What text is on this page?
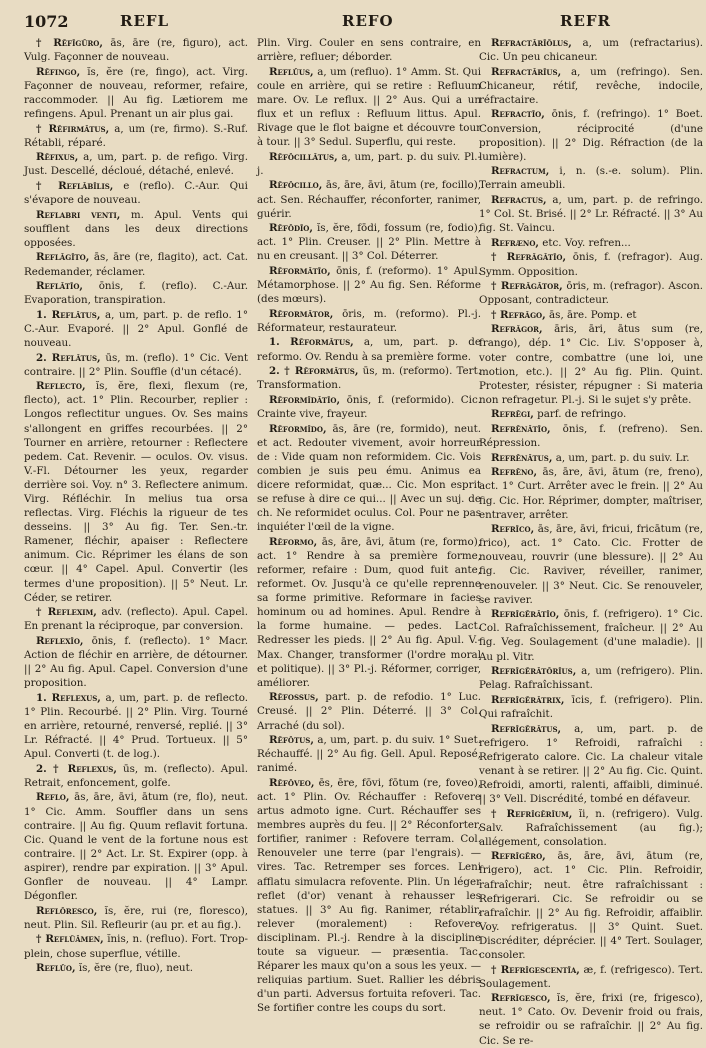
1072	REFL	REFO	REFR

† Rĕfĭgūro, ās, āre (re, figuro), act. Vulg. Façonner de nouveau.

Rĕfingo, ĭs, ĕre (re, fingo), act. Virg. Façonner de nouveau, reformer, refaire, raccommoder. || Au fig. Lætiorem me refingens. Apul. Prenant un air plus gai.

† Rĕfirmātus, a, um (re, firmo). S.-Ruf. Rétabli, réparé.

Rĕfixus, a, um, part. p. de refigo. Virg. Just. Descellé, décloué, détaché, enlevé.

† Reflābĭlis, e (reflo). C.-Aur. Qui s'évapore de nouveau.

Reflabri venti, m. Apul. Vents qui soufflent dans les deux directions opposées.

Reflāgĭto, ās, āre (re, flagito), act. Cat. Redemander, réclamer.

Reflātĭo, ōnis, f. (reflo). C.-Aur. Evaporation, transpiration.

1. Reflātus, a, um, part. p. de reflo. 1° C.-Aur. Evaporé. || 2° Apul. Gonflé de nouveau.

2. Reflātus, ūs, m. (reflo). 1° Cic. Vent contraire. || 2° Plin. Souffle (d'un cétacé).

Reflecto, ĭs, ĕre, flexi, flexum (re, flecto), act. 1° Plin. Recourber, replier : Longos reflectitur ungues. Ov. Ses mains s'allongent en griffes recourbées. || 2° Tourner en arrière, retourner : Reflectere pedem. Cat. Revenir. — oculos. Ov. visus. V.-Fl. Détourner les yeux, regarder derrière soi. Voy. n° 3. Reflectere animum. Virg. Réfléchir. In melius tua orsa reflectas. Virg. Fléchis la rigueur de tes desseins. || 3° Au fig. Ter. Sen.-tr. Ramener, fléchir, apaiser : Reflectere animum. Cic. Réprimer les élans de son cœur. || 4° Capel. Apul. Convertir (les termes d'une proposition). || 5° Neut. Lr. Céder, se retirer.

† Reflexim, adv. (reflecto). Apul. Capel. En prenant la réciproque, par conversion.

Reflexĭo, ōnis, f. (reflecto). 1° Macr. Action de fléchir en arrière, de détourner. || 2° Au fig. Apul. Capel. Conversion d'une proposition.

1. Reflexus, a, um, part. p. de reflecto. 1° Plin. Recourbé. || 2° Plin. Virg. Tourné en arrière, retourné, renversé, replié. || 3° Lr. Réfracté. || 4° Prud. Tortueux. || 5° Apul. Converti (t. de log.).

2. † Reflexus, ūs, m. (reflecto). Apul. Retrait, enfoncement, golfe.

Reflo, ās, āre, āvi, ātum (re, flo), neut. 1° Cic. Amm. Souffler dans un sens contraire. || Au fig. Quum reflavit fortuna. Cic. Quand le vent de la fortune nous est contraire. || 2° Act. Lr. St. Expirer (opp. à aspirer), rendre par expiration. || 3° Apul. Gonfler de nouveau. || 4° Lampr. Dégonfler.

Reflōresco, ĭs, ĕre, rui (re, floresco), neut. Plin. Sil. Refleurir (au pr. et au fig.).

† Reflŭāmen, ĭnis, n. (refluo). Fort. Trop-plein, chose superflue, vétille.

Reflŭo, ĭs, ĕre (re, fluo), neut.

Plin. Virg. Couler en sens contraire, en arrière, refluer; déborder.

Reflŭus, a, um (refluo). 1° Amm. St. Qui coule en arrière, qui se retire : Refluum mare. Ov. Le reflux. || 2° Aus. Qui a un flux et un reflux : Refluum littus. Apul. Rivage que le flot baigne et découvre tour à tour. || 3° Sedul. Superflu, qui reste.

Rĕfōcillātus, a, um, part. p. du suiv. Pl.-j.

Rĕfōcillo, ās, āre, āvi, ātum (re, focillo), act. Sen. Réchauffer, réconforter, ranimer, guérir.

Rĕfŏdĭo, ĭs, ĕre, fōdi, fossum (re, fodio), act. 1° Plin. Creuser. || 2° Plin. Mettre à nu en creusant. || 3° Col. Déterrer.

Rĕformātĭo, ōnis, f. (reformo). 1° Apul. Métamorphose. || 2° Au fig. Sen. Réforme (des mœurs).

Rĕformātor, ōris, m. (reformo). Pl.-j. Réformateur, restaurateur.

1. Rĕformātus, a, um, part. p. de reformo. Ov. Rendu à sa première forme.

2. † Rĕformātus, ūs, m. (reformo). Tert. Transformation.

Rĕformīdātĭo, ōnis, f. (reformido). Cic. Crainte vive, frayeur.

Rĕformīdo, ās, āre (re, formido), neut. et act. Redouter vivement, avoir horreur de : Vide quam non reformidem. Cic. Vois combien je suis peu ému. Animus ea dicere reformidat, quæ... Cic. Mon esprit se refuse à dire ce qui... || Avec un suj. de ch. Ne reformidet oculus. Col. Pour ne pas inquiéter l'œil de la vigne.

Rĕformo, ās, āre, āvi, ātum (re, formo), act. 1° Rendre à sa première forme, reformer, refaire : Dum, quod fuit ante, reformet. Ov. Jusqu'à ce qu'elle reprenne sa forme primitive. Reformare in facies hominum ou ad homines. Apul. Rendre à la forme humaine. — pedes. Lact. Redresser les pieds. || 2° Au fig. Apul. V.-Max. Changer, transformer (l'ordre moral et politique). || 3° Pl.-j. Réformer, corriger, améliorer.

Rĕfossus, part. p. de refodio. 1° Luc. Creusé. || 2° Plin. Déterré. || 3° Col. Arraché (du sol).

Rĕfōtus, a, um, part. p. du suiv. 1° Suet. Réchauffé. || 2° Au fig. Gell. Apul. Reposé, ranimé.

Rĕfŏveo, ēs, ēre, fōvi, fōtum (re, foveo), act. 1° Plin. Ov. Réchauffer : Refovere artus admoto igne. Curt. Réchauffer ses membres auprès du feu. || 2° Réconforter, fortifier, ranimer : Refovere terram. Col. Renouveler une terre (par l'engrais). — vires. Tac. Retremper ses forces. Leni afflatu simulacra refovente. Plin. Un léger reflet (d'or) venant à rehausser les statues. || 3° Au fig. Ranimer, rétablir, relever (moralement) : Refovere disciplinam. Pl.-j. Rendre à la discipline toute sa vigueur. — præsentia. Tac. Réparer les maux qu'on a sous les yeux. — reliquias partium. Suet. Rallier les débris d'un parti. Adversus fortuita refoveri. Tac. Se fortifier contre les coups du sort.

Refractārĭŏlus, a, um (refractarius). Cic. Un peu chicaneur.

Refractārĭus, a, um (refringo). Sen. Chicaneur, rétif, revêche, indocile, réfractaire.

Refractĭo, ōnis, f. (refringo). 1° Boet. Conversion, réciprocité (d'une proposition). || 2° Dig. Réfraction (de la lumière).

Refractum, i, n. (s.-e. solum). Plin. Terrain ameubli.

Refractus, a, um, part. p. de refringo. 1° Col. St. Brisé. || 2° Lr. Réfracté. || 3° Au fig. St. Vaincu.

Refræno, etc. Voy. refren...

† Refrăgātĭo, ōnis, f. (refragor). Aug. Symm. Opposition.

† Refrăgātor, ōris, m. (refragor). Ascon. Opposant, contradicteur.

† Refrāgo, ās, āre. Pomp. et

Refrăgor, āris, āri, ātus sum (re, frango), dép. 1° Cic. Liv. S'opposer à, voter contre, combattre (une loi, une motion, etc.). || 2° Au fig. Plin. Quint. Protester, résister, répugner : Si materia non refragetur. Pl.-j. Si le sujet s'y prête.

Refrēgi, parf. de refringo.

Refrēnātĭo, ōnis, f. (refreno). Sen. Répression.

Refrēnātus, a, um, part. p. du suiv. Lr.

Refrēno, ās, āre, āvi, ātum (re, freno), act. 1° Curt. Arrêter avec le frein. || 2° Au fig. Cic. Hor. Réprimer, dompter, maîtriser, entraver, arrêter.

Refrĭco, ās, āre, āvi, fricui, fricātum (re, frico), act. 1° Cato. Cic. Frotter de nouveau, rouvrir (une blessure). || 2° Au fig. Cic. Raviver, réveiller, ranimer, renouveler. || 3° Neut. Cic. Se renouveler, se raviver.

Refrīgĕrātĭo, ōnis, f. (refrigero). 1° Cic. Col. Rafraîchissement, fraîcheur. || 2° Au fig. Veg. Soulagement (d'une maladie). || Au pl. Vitr.

Refrīgĕrātōrĭus, a, um (refrigero). Plin. Pelag. Rafraîchissant.

Refrīgĕrātrix, īcis, f. (refrigero). Plin. Qui rafraîchit.

Refrīgĕrātus, a, um, part. p. de refrigero. 1° Refroidi, rafraîchi : Refrigerato calore. Cic. La chaleur vitale venant à se retirer. || 2° Au fig. Cic. Quint. Refroidi, amorti, ralenti, affaibli, diminué. || 3° Vell. Discrédité, tombé en défaveur.

† Refrīgĕrĭum, ĭi, n. (refrigero). Vulg. Salv. Rafraîchissement (au fig.); allégement, consolation.

Refrīgĕro, ās, āre, āvi, ātum (re, frigero), act. 1° Cic. Plin. Refroidir, rafraîchir; neut. être rafraîchissant : Refrigerari. Cic. Se refroidir ou se rafraîchir. || 2° Au fig. Refroidir, affaiblir. Voy. refrigeratus. || 3° Quint. Suet. Discréditer, déprécier. || 4° Tert. Soulager, consoler.

† Refrīgescentĭa, æ, f. (refrigesco). Tert. Soulagement.

Refrīgesco, ĭs, ĕre, frixi (re, frigesco), neut. 1° Cato. Ov. Devenir froid ou frais, se refroidir ou se rafraîchir. || 2° Au fig. Cic. Se re-
